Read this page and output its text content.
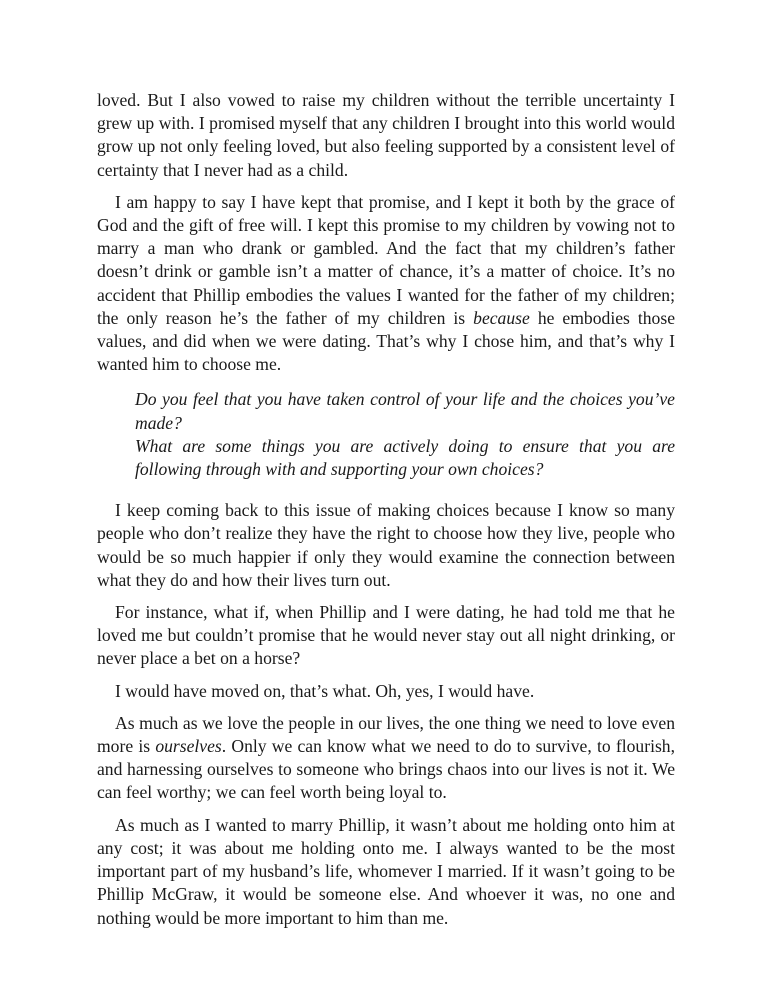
loved. But I also vowed to raise my children without the terrible uncertainty I grew up with. I promised myself that any children I brought into this world would grow up not only feeling loved, but also feeling supported by a consistent level of certainty that I never had as a child.

I am happy to say I have kept that promise, and I kept it both by the grace of God and the gift of free will. I kept this promise to my children by vowing not to marry a man who drank or gambled. And the fact that my children’s father doesn’t drink or gamble isn’t a matter of chance, it’s a matter of choice. It’s no accident that Phillip embodies the values I wanted for the father of my children; the only reason he’s the father of my children is because he embodies those values, and did when we were dating. That’s why I chose him, and that’s why I wanted him to choose me.

Do you feel that you have taken control of your life and the choices you’ve made?

What are some things you are actively doing to ensure that you are following through with and supporting your own choices?

I keep coming back to this issue of making choices because I know so many people who don’t realize they have the right to choose how they live, people who would be so much happier if only they would examine the connection between what they do and how their lives turn out.

For instance, what if, when Phillip and I were dating, he had told me that he loved me but couldn’t promise that he would never stay out all night drinking, or never place a bet on a horse?

I would have moved on, that’s what. Oh, yes, I would have.

As much as we love the people in our lives, the one thing we need to love even more is ourselves. Only we can know what we need to do to survive, to flourish, and harnessing ourselves to someone who brings chaos into our lives is not it. We can feel worthy; we can feel worth being loyal to.

As much as I wanted to marry Phillip, it wasn’t about me holding onto him at any cost; it was about me holding onto me. I always wanted to be the most important part of my husband’s life, whomever I married. If it wasn’t going to be Phillip McGraw, it would be someone else. And whoever it was, no one and nothing would be more important to him than me.
